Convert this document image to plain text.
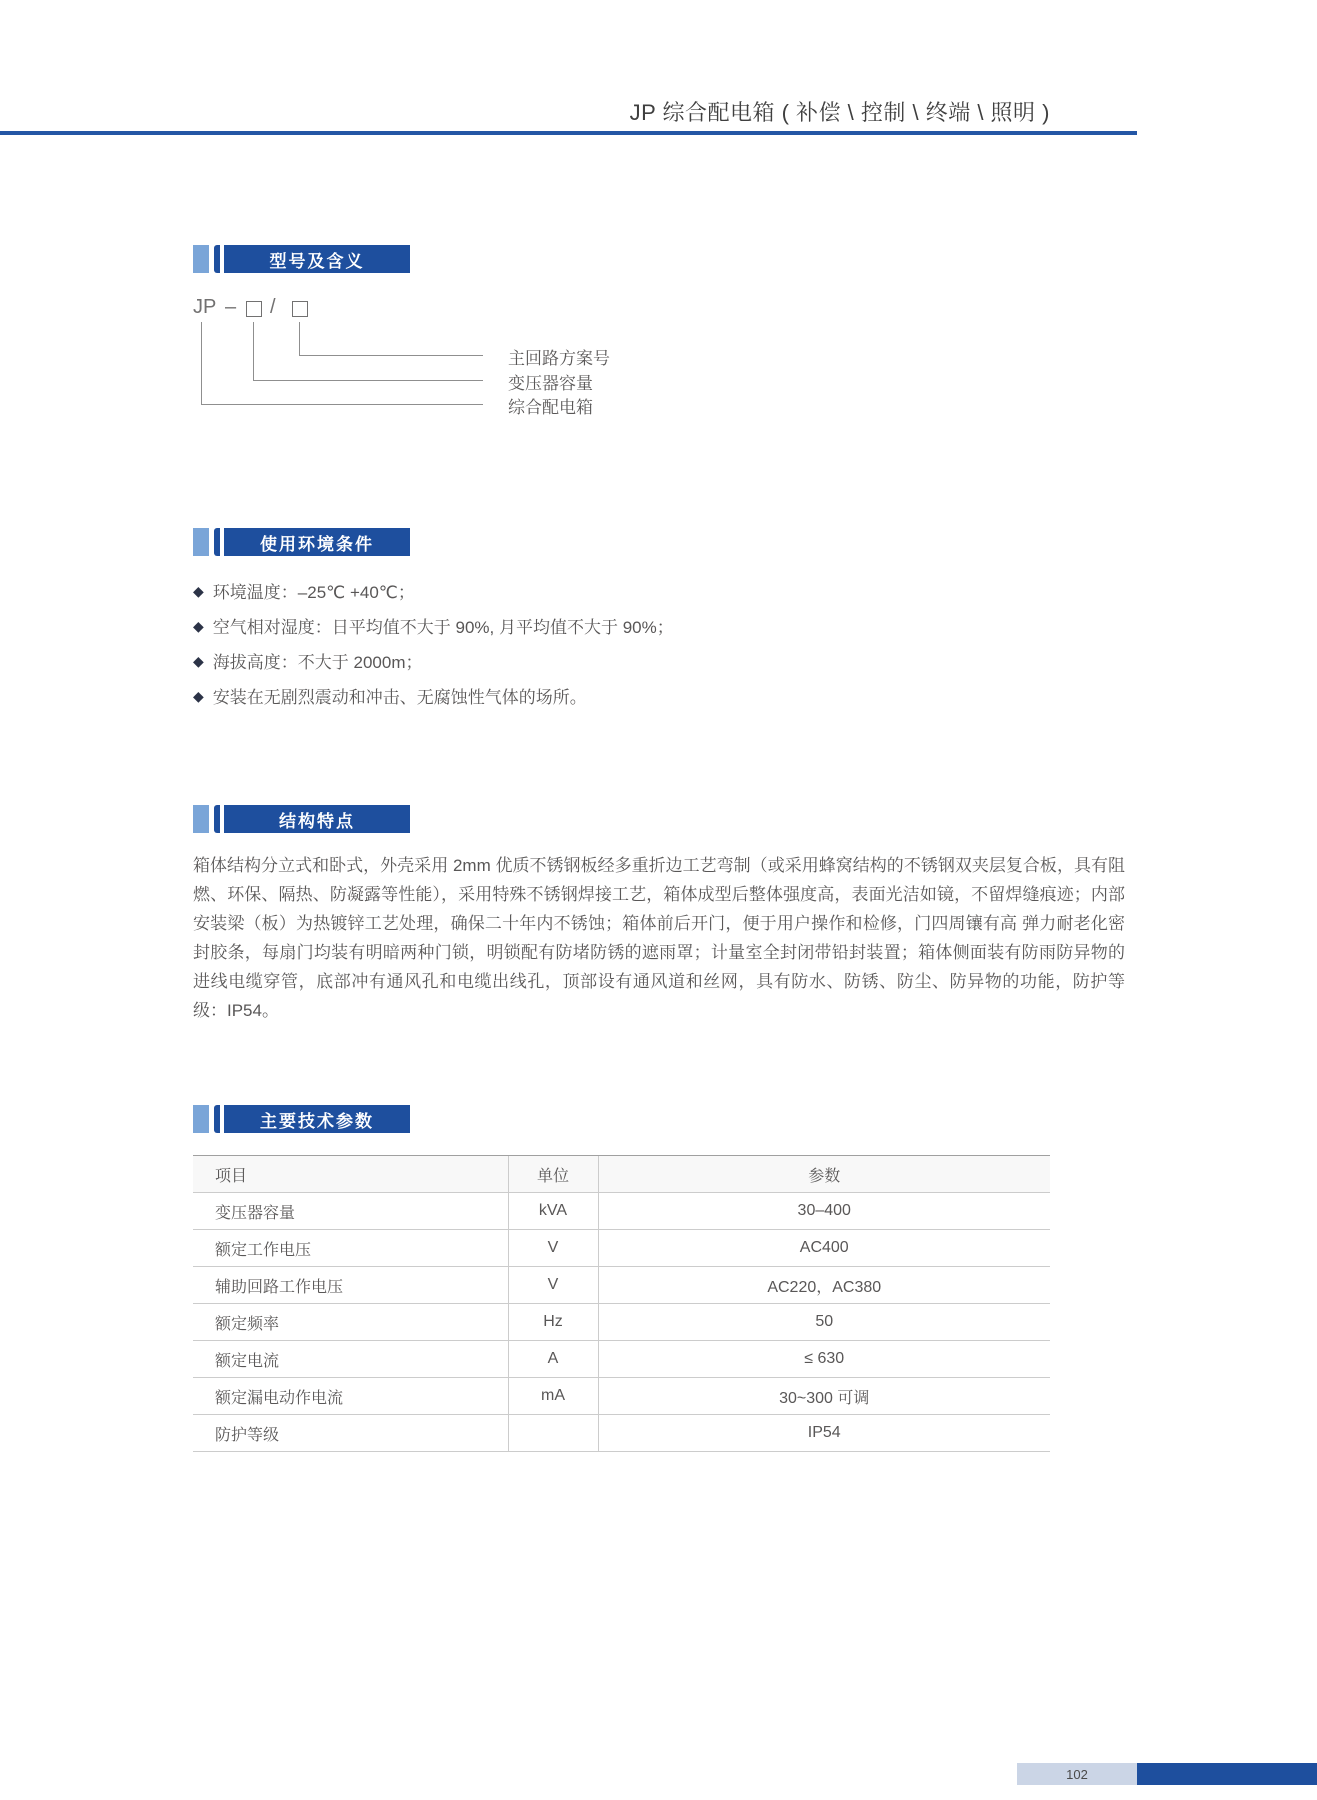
JP 综合配电箱 ( 补偿 \ 控制 \ 终端 \ 照明 )
型号及含义
JP – /
主回路方案号
变压器容量
综合配电箱
使用环境条件
◆ 环境温度：–25℃ +40℃；
◆ 空气相对湿度：日平均值不大于 90%, 月平均值不大于 90%；
◆ 海拔高度：不大于 2000m；
◆ 安装在无剧烈震动和冲击、无腐蚀性气体的场所。
结构特点
箱体结构分立式和卧式，外壳采用 2mm 优质不锈钢板经多重折边工艺弯制（或采用蜂窝结构的不锈钢双夹层复合板，具有阻燃、环保、隔热、防凝露等性能），采用特殊不锈钢焊接工艺，箱体成型后整体强度高，表面光洁如镜，不留焊缝痕迹；内部安装梁（板）为热镀锌工艺处理，确保二十年内不锈蚀；箱体前后开门，便于用户操作和检修，门四周镶有高 弹力耐老化密封胶条，每扇门均装有明暗两种门锁，明锁配有防堵防锈的遮雨罩；计量室全封闭带铅封装置；箱体侧面装有防雨防异物的进线电缆穿管，底部冲有通风孔和电缆出线孔，顶部设有通风道和丝网，具有防水、防锈、防尘、防异物的功能，防护等级：IP54。
主要技术参数
项目	单位	参数
变压器容量	kVA	30–400
额定工作电压	V	AC400
辅助回路工作电压	V	AC220，AC380
额定频率	Hz	50
额定电流	A	≤ 630
额定漏电动作电流	mA	30~300 可调
防护等级		IP54
102
